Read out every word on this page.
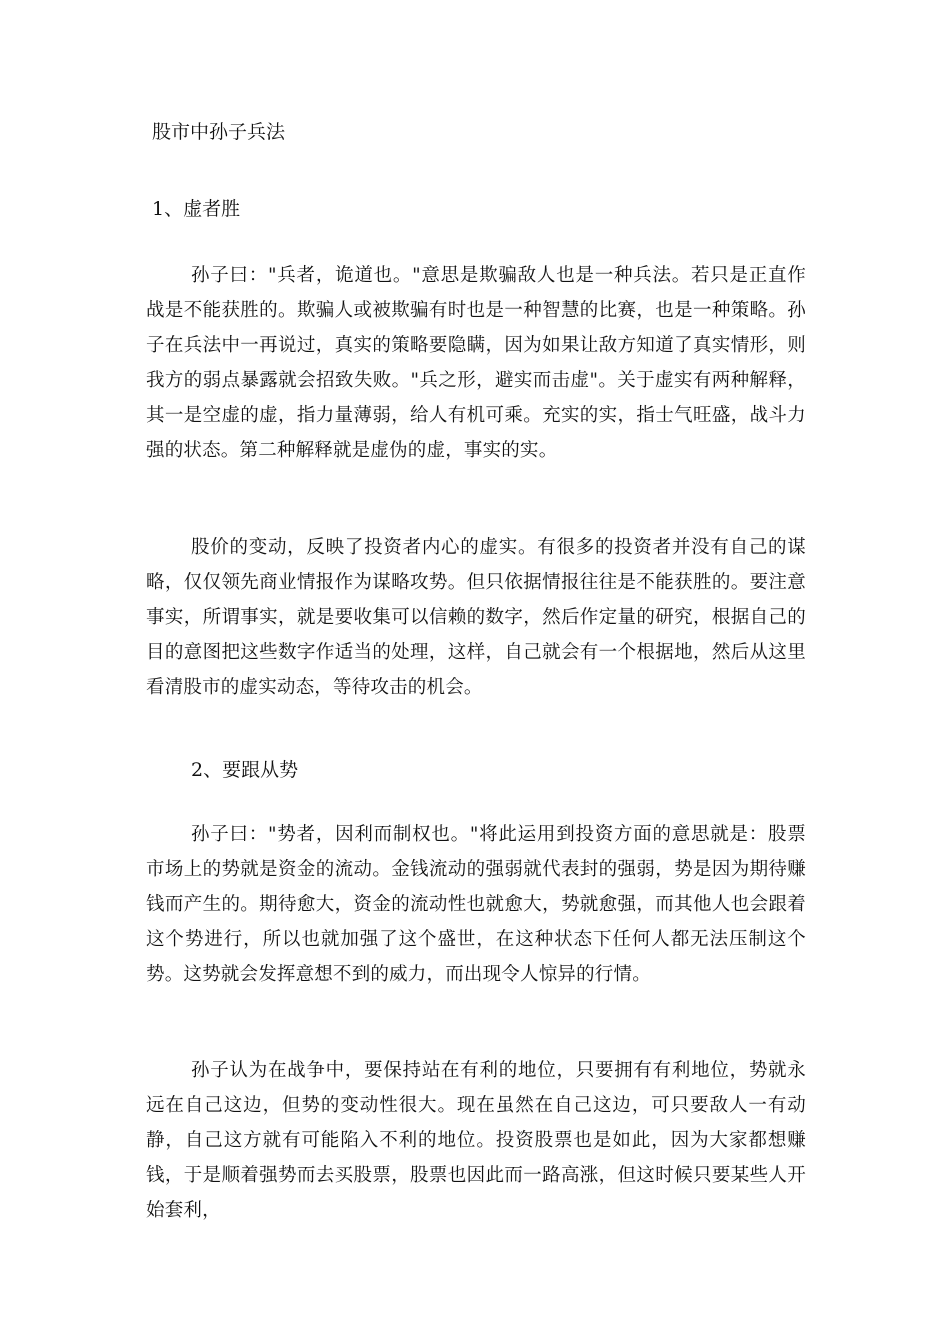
股市中孙子兵法
1、虚者胜
孙子曰："兵者，诡道也。"意思是欺骗敌人也是一种兵法。若只是正直作战是不能获胜的。欺骗人或被欺骗有时也是一种智慧的比赛，也是一种策略。孙子在兵法中一再说过，真实的策略要隐瞒，因为如果让敌方知道了真实情形，则我方的弱点暴露就会招致失败。"兵之形，避实而击虚"。关于虚实有两种解释，其一是空虚的虚，指力量薄弱，给人有机可乘。充实的实，指士气旺盛，战斗力强的状态。第二种解释就是虚伪的虚，事实的实。
股价的变动，反映了投资者内心的虚实。有很多的投资者并没有自己的谋略，仅仅领先商业情报作为谋略攻势。但只依据情报往往是不能获胜的。要注意事实，所谓事实，就是要收集可以信赖的数字，然后作定量的研究，根据自己的目的意图把这些数字作适当的处理，这样，自己就会有一个根据地，然后从这里看清股市的虚实动态，等待攻击的机会。
2、要跟从势
孙子曰："势者，因利而制权也。"将此运用到投资方面的意思就是：股票市场上的势就是资金的流动。金钱流动的强弱就代表封的强弱，势是因为期待赚钱而产生的。期待愈大，资金的流动性也就愈大，势就愈强，而其他人也会跟着这个势进行，所以也就加强了这个盛世，在这种状态下任何人都无法压制这个势。这势就会发挥意想不到的威力，而出现令人惊异的行情。
孙子认为在战争中，要保持站在有利的地位，只要拥有有利地位，势就永远在自己这边，但势的变动性很大。现在虽然在自己这边，可只要敌人一有动静，自己这方就有可能陷入不利的地位。投资股票也是如此，因为大家都想赚钱，于是顺着强势而去买股票，股票也因此而一路高涨，但这时候只要某些人开始套利，
